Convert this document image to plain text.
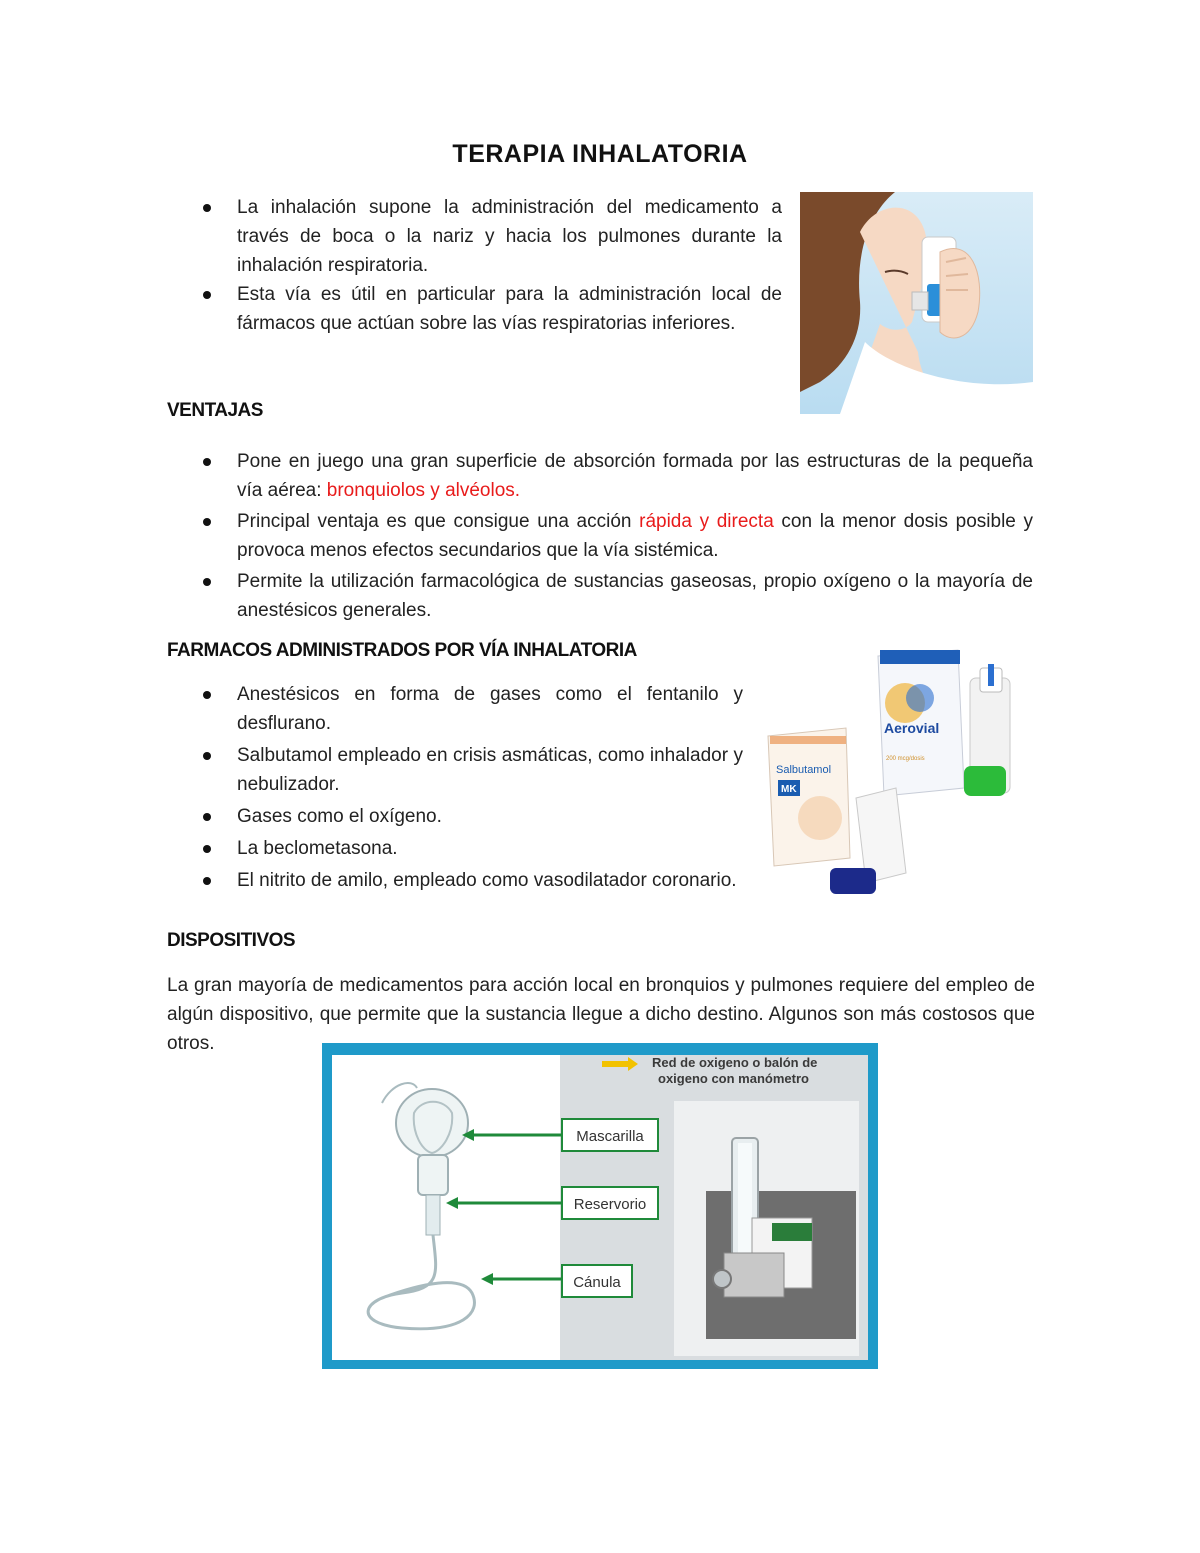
TERAPIA INHALATORIA
La inhalación supone la administración del medicamento a través de boca o la nariz y hacia los pulmones durante la inhalación respiratoria.
Esta vía es útil en particular para la administración local de fármacos que actúan sobre las vías respiratorias inferiores.
VENTAJAS
Pone en juego una gran superficie de absorción formada por las estructuras de la pequeña vía aérea: bronquiolos y alvéolos.
Principal ventaja es que consigue una acción rápida y directa con la menor dosis posible y provoca menos efectos secundarios que la vía sistémica.
Permite la utilización farmacológica de sustancias gaseosas, propio oxígeno o la mayoría de anestésicos generales.
FARMACOS ADMINISTRADOS POR VÍA INHALATORIA
Anestésicos en forma de gases como el fentanilo y desflurano.
Salbutamol empleado en crisis asmáticas, como inhalador y nebulizador.
Gases como el oxígeno.
La beclometasona.
El nitrito de amilo, empleado como vasodilatador coronario.
Aerovial
200 mcg/dosis
Salbutamol
MK
DISPOSITIVOS
La gran mayoría de medicamentos para acción local en bronquios y pulmones requiere del empleo de algún dispositivo, que permite que la sustancia llegue a dicho destino. Algunos son más costosos que otros.
Red de oxigeno o balón de oxigeno con manómetro
Mascarilla
Reservorio
Cánula
